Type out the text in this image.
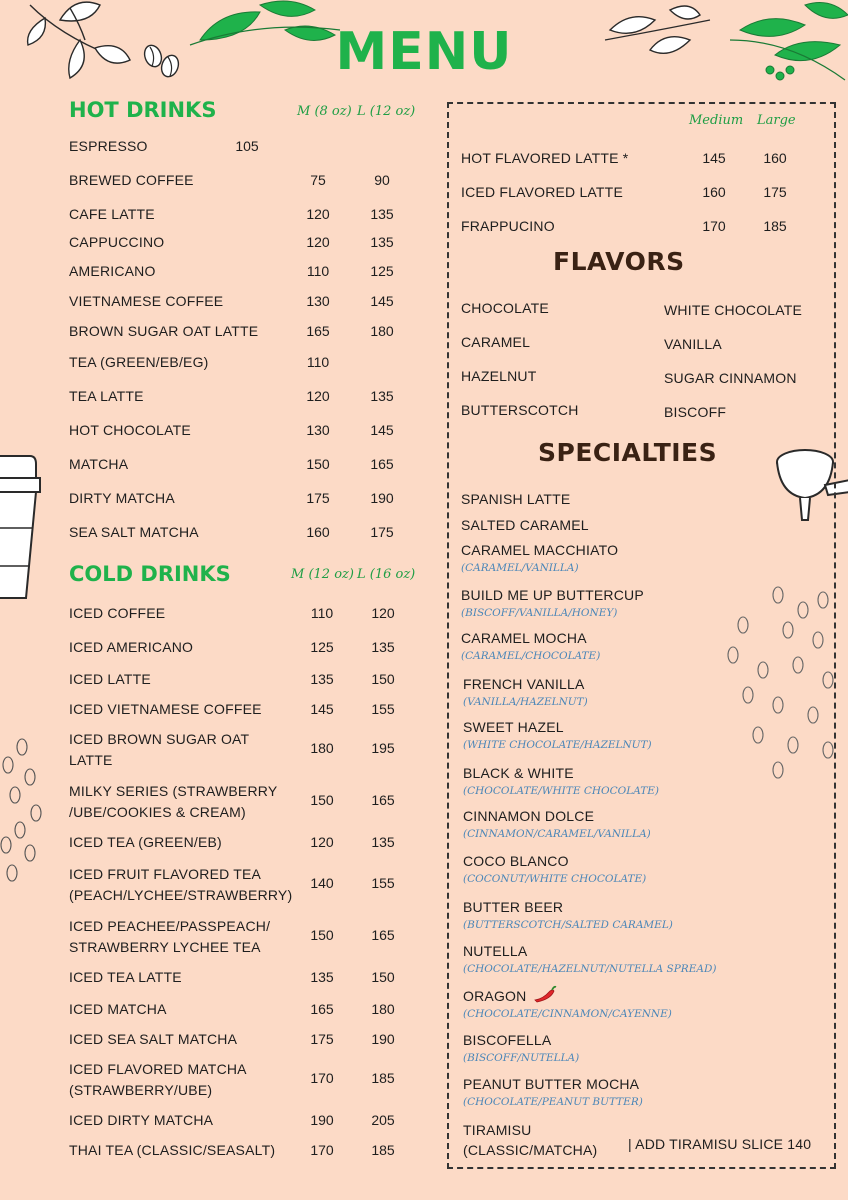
MENU
HOT DRINKS	M (8 oz) L (12 oz)
ESPRESSO	105
BREWED COFFEE	75	90
CAFE LATTE	120	135
CAPPUCCINO	120	135
AMERICANO	110	125
VIETNAMESE COFFEE	130	145
BROWN SUGAR OAT LATTE	165	180
TEA (GREEN/EB/EG)	110
TEA LATTE	120	135
HOT CHOCOLATE	130	145
MATCHA	150	165
DIRTY MATCHA	175	190
SEA SALT MATCHA	160	175
COLD DRINKS	M (12 oz) L (16 oz)
ICED COFFEE	110	120
ICED AMERICANO	125	135
ICED LATTE	135	150
ICED VIETNAMESE COFFEE	145	155
ICED BROWN SUGAR OAT
LATTE
180	195
MILKY SERIES (STRAWBERRY
/UBE/COOKIES & CREAM)
150	165
ICED TEA (GREEN/EB)	120	135
ICED FRUIT FLAVORED TEA
(PEACH/LYCHEE/STRAWBERRY)
140	155
ICED PEACHEE/PASSPEACH/
STRAWBERRY LYCHEE TEA
150	165
ICED TEA LATTE	135	150
ICED MATCHA	165	180
ICED SEA SALT MATCHA	175	190
ICED FLAVORED MATCHA
(STRAWBERRY/UBE)
170	185
ICED DIRTY MATCHA	190	205
THAI TEA (CLASSIC/SEASALT)	170	185
Medium Large
HOT FLAVORED LATTE *	145	160
ICED FLAVORED LATTE	160	175
FRAPPUCINO	170	185
FLAVORS
CHOCOLATE
CARAMEL
HAZELNUT
BUTTERSCOTCH
WHITE CHOCOLATE
VANILLA
SUGAR CINNAMON
BISCOFF
SPECIALTIES
SPANISH LATTE
SALTED CARAMEL
CARAMEL MACCHIATO
(CARAMEL/VANILLA)
BUILD ME UP BUTTERCUP
(BISCOFF/VANILLA/HONEY)
CARAMEL MOCHA
(CARAMEL/CHOCOLATE)
FRENCH VANILLA
(VANILLA/HAZELNUT)
SWEET HAZEL
(WHITE CHOCOLATE/HAZELNUT)
BLACK & WHITE
(CHOCOLATE/WHITE CHOCOLATE)
CINNAMON DOLCE
(CINNAMON/CARAMEL/VANILLA)
COCO BLANCO
(COCONUT/WHITE CHOCOLATE)
BUTTER BEER
(BUTTERSCOTCH/SALTED CARAMEL)
NUTELLA
(CHOCOLATE/HAZELNUT/NUTELLA SPREAD)
ORAGON
(CHOCOLATE/CINNAMON/CAYENNE)
BISCOFELLA
(BISCOFF/NUTELLA)
PEANUT BUTTER MOCHA
(CHOCOLATE/PEANUT BUTTER)
TIRAMISU
(CLASSIC/MATCHA) | ADD TIRAMISU SLICE 140
